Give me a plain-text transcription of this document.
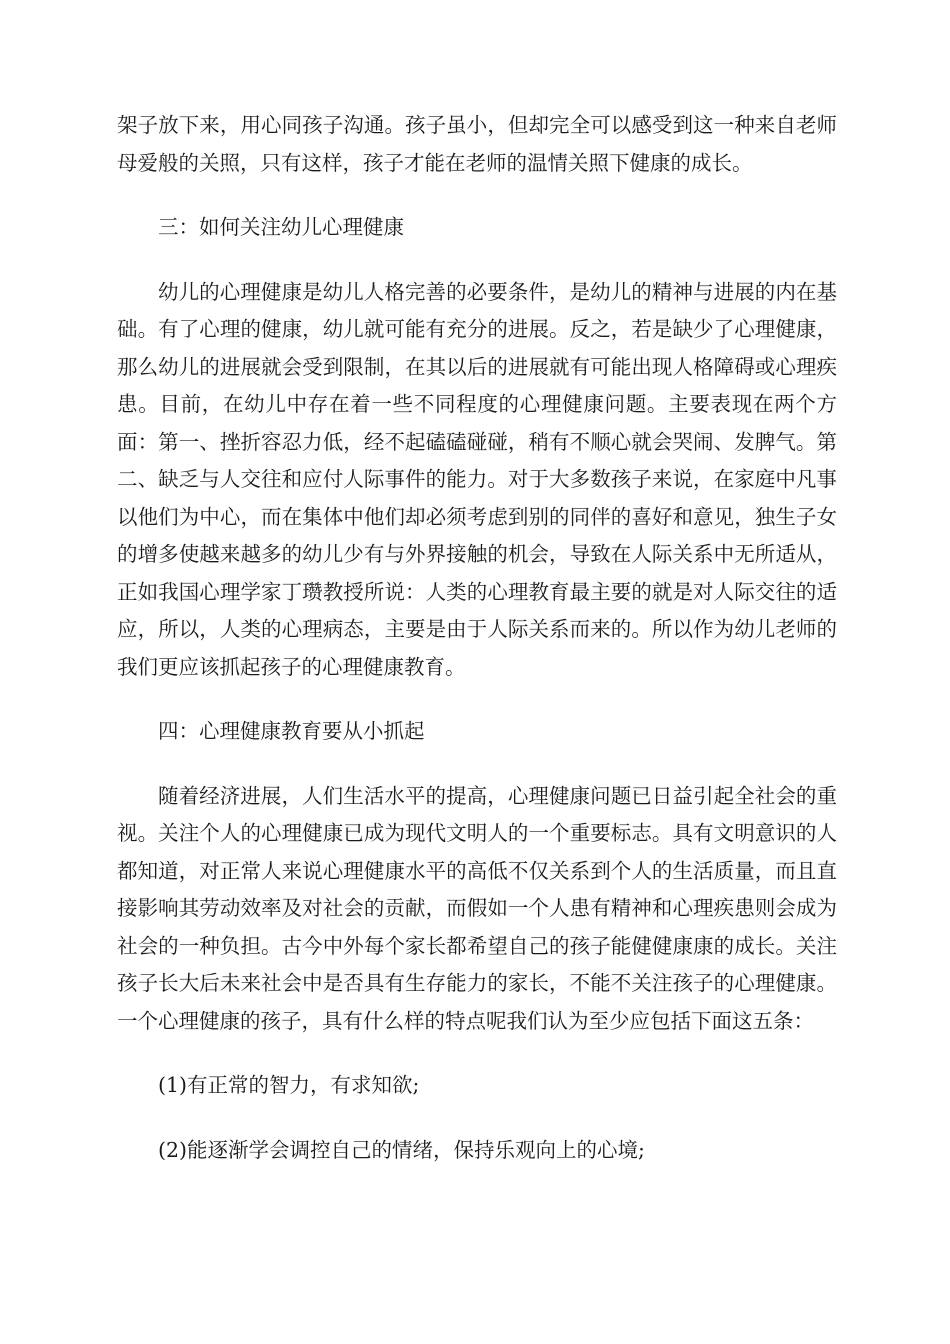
架子放下来，用心同孩子沟通。孩子虽小，但却完全可以感受到这一种来自老师母爱般的关照，只有这样，孩子才能在老师的温情关照下健康的成长。

三：如何关注幼儿心理健康

幼儿的心理健康是幼儿人格完善的必要条件，是幼儿的精神与进展的内在基础。有了心理的健康，幼儿就可能有充分的进展。反之，若是缺少了心理健康，那么幼儿的进展就会受到限制，在其以后的进展就有可能出现人格障碍或心理疾患。目前，在幼儿中存在着一些不同程度的心理健康问题。主要表现在两个方面：第一、挫折容忍力低，经不起磕磕碰碰，稍有不顺心就会哭闹、发脾气。第二、缺乏与人交往和应付人际事件的能力。对于大多数孩子来说，在家庭中凡事以他们为中心，而在集体中他们却必须考虑到别的同伴的喜好和意见，独生子女的增多使越来越多的幼儿少有与外界接触的机会，导致在人际关系中无所适从，正如我国心理学家丁瓒教授所说：人类的心理教育最主要的就是对人际交往的适应，所以，人类的心理病态，主要是由于人际关系而来的。所以作为幼儿老师的我们更应该抓起孩子的心理健康教育。

四：心理健康教育要从小抓起

随着经济进展，人们生活水平的提高，心理健康问题已日益引起全社会的重视。关注个人的心理健康已成为现代文明人的一个重要标志。具有文明意识的人都知道，对正常人来说心理健康水平的高低不仅关系到个人的生活质量，而且直接影响其劳动效率及对社会的贡献，而假如一个人患有精神和心理疾患则会成为社会的一种负担。古今中外每个家长都希望自己的孩子能健健康康的成长。关注孩子长大后未来社会中是否具有生存能力的家长，不能不关注孩子的心理健康。一个心理健康的孩子，具有什么样的特点呢我们认为至少应包括下面这五条：

(1)有正常的智力，有求知欲;

(2)能逐渐学会调控自己的情绪，保持乐观向上的心境;
